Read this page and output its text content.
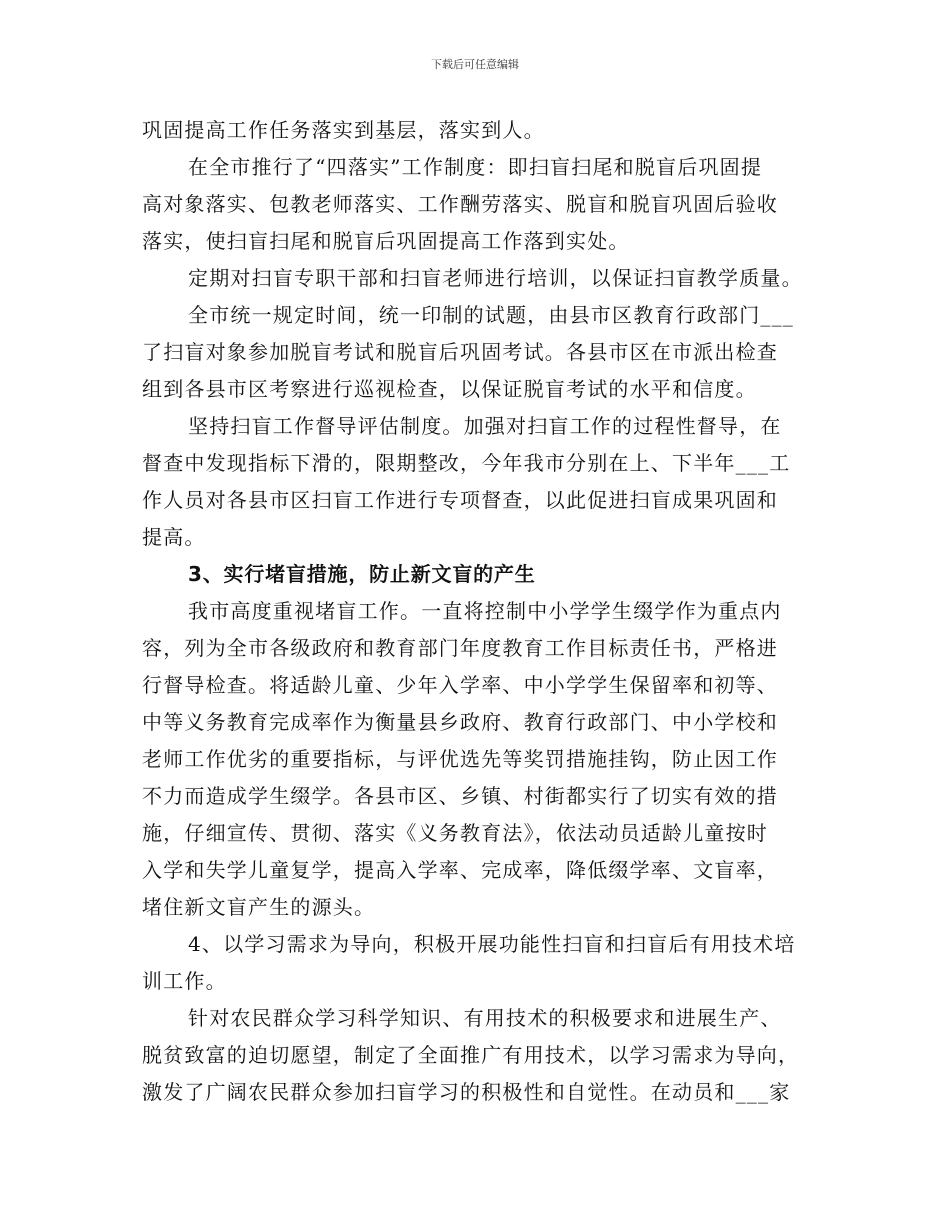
下载后可任意编辑
巩固提高工作任务落实到基层，落实到人。
在全市推行了“四落实”工作制度：即扫盲扫尾和脱盲后巩固提
高对象落实、包教老师落实、工作酬劳落实、脱盲和脱盲巩固后验收
落实，使扫盲扫尾和脱盲后巩固提高工作落到实处。
定期对扫盲专职干部和扫盲老师进行培训，以保证扫盲教学质量。
全市统一规定时间，统一印制的试题，由县市区教育行政部门___
了扫盲对象参加脱盲考试和脱盲后巩固考试。各县市区在市派出检查
组到各县市区考察进行巡视检查，以保证脱盲考试的水平和信度。
坚持扫盲工作督导评估制度。加强对扫盲工作的过程性督导，在
督查中发现指标下滑的，限期整改，今年我市分别在上、下半年___工
作人员对各县市区扫盲工作进行专项督查，以此促进扫盲成果巩固和
提高。
3、实行堵盲措施，防止新文盲的产生
我市高度重视堵盲工作。一直将控制中小学学生缀学作为重点内
容，列为全市各级政府和教育部门年度教育工作目标责任书，严格进
行督导检查。将适龄儿童、少年入学率、中小学学生保留率和初等、
中等义务教育完成率作为衡量县乡政府、教育行政部门、中小学校和
老师工作优劣的重要指标，与评优选先等奖罚措施挂钩，防止因工作
不力而造成学生缀学。各县市区、乡镇、村街都实行了切实有效的措
施，仔细宣传、贯彻、落实《义务教育法》，依法动员适龄儿童按时
入学和失学儿童复学，提高入学率、完成率，降低缀学率、文盲率，
堵住新文盲产生的源头。
4、以学习需求为导向，积极开展功能性扫盲和扫盲后有用技术培
训工作。
针对农民群众学习科学知识、有用技术的积极要求和进展生产、
脱贫致富的迫切愿望，制定了全面推广有用技术，以学习需求为导向，
激发了广阔农民群众参加扫盲学习的积极性和自觉性。在动员和___家
